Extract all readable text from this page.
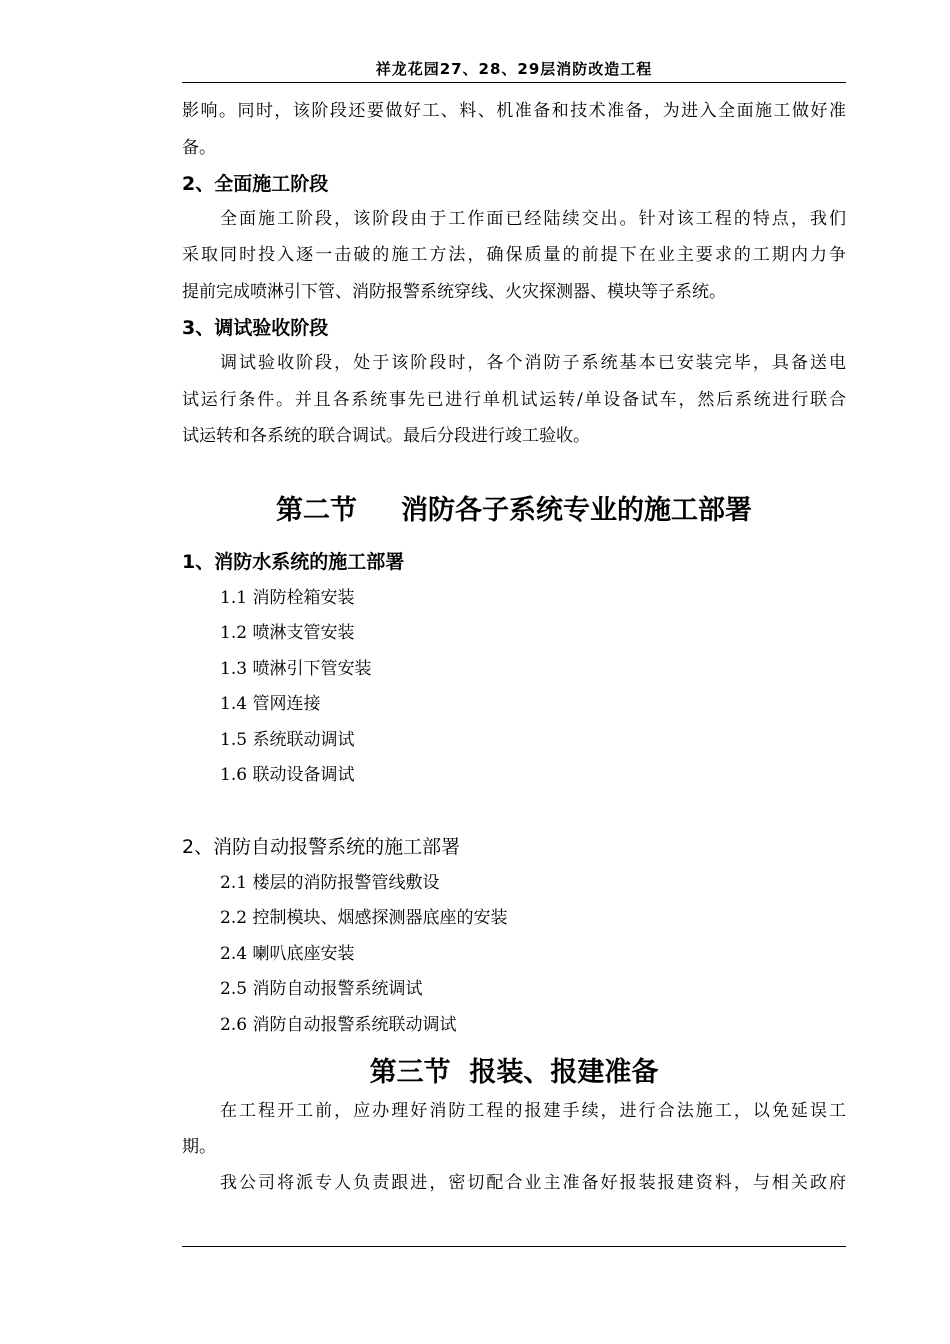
祥龙花园27、28、29层消防改造工程
影响。同时，该阶段还要做好工、料、机准备和技术准备，为进入全面施工做好准
备。
2、全面施工阶段
全面施工阶段，该阶段由于工作面已经陆续交出。针对该工程的特点，我们
采取同时投入逐一击破的施工方法，确保质量的前提下在业主要求的工期内力争
提前完成喷淋引下管、消防报警系统穿线、火灾探测器、模块等子系统。
3、调试验收阶段
调试验收阶段，处于该阶段时，各个消防子系统基本已安装完毕，具备送电
试运行条件。并且各系统事先已进行单机试运转/单设备试车，然后系统进行联合
试运转和各系统的联合调试。最后分段进行竣工验收。
第二节 消防各子系统专业的施工部署
1、消防水系统的施工部署
1.1 消防栓箱安装
1.2 喷淋支管安装
1.3 喷淋引下管安装
1.4 管网连接
1.5 系统联动调试
1.6 联动设备调试
2、消防自动报警系统的施工部署
2.1 楼层的消防报警管线敷设
2.2 控制模块、烟感探测器底座的安装
2.4 喇叭底座安装
2.5 消防自动报警系统调试
2.6 消防自动报警系统联动调试
第三节  报装、报建准备
在工程开工前，应办理好消防工程的报建手续，进行合法施工，以免延误工
期。
我公司将派专人负责跟进，密切配合业主准备好报装报建资料，与相关政府
